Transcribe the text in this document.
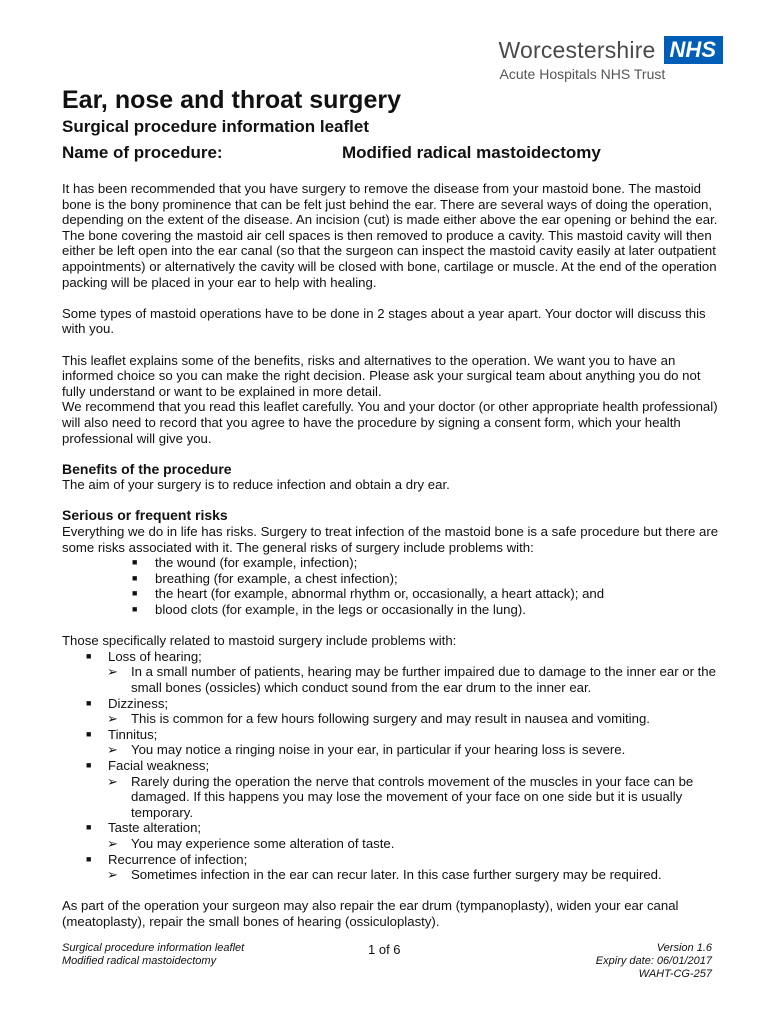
Worcestershire NHS
Acute Hospitals NHS Trust
Ear, nose and throat surgery
Surgical procedure information leaflet
Name of procedure:	Modified radical mastoidectomy

It has been recommended that you have surgery to remove the disease from your mastoid bone. The mastoid bone is the bony prominence that can be felt just behind the ear. There are several ways of doing the operation, depending on the extent of the disease. An incision (cut) is made either above the ear opening or behind the ear. The bone covering the mastoid air cell spaces is then removed to produce a cavity. This mastoid cavity will then either be left open into the ear canal (so that the surgeon can inspect the mastoid cavity easily at later outpatient appointments) or alternatively the cavity will be closed with bone, cartilage or muscle. At the end of the operation packing will be placed in your ear to help with healing.

Some types of mastoid operations have to be done in 2 stages about a year apart. Your doctor will discuss this with you.

This leaflet explains some of the benefits, risks and alternatives to the operation. We want you to have an informed choice so you can make the right decision. Please ask your surgical team about anything you do not fully understand or want to be explained in more detail.

We recommend that you read this leaflet carefully. You and your doctor (or other appropriate health professional) will also need to record that you agree to have the procedure by signing a consent form, which your health professional will give you.

Benefits of the procedure

The aim of your surgery is to reduce infection and obtain a dry ear.

Serious or frequent risks

Everything we do in life has risks. Surgery to treat infection of the mastoid bone is a safe procedure but there are some risks associated with it. The general risks of surgery include problems with:

■ the wound (for example, infection);
■ breathing (for example, a chest infection);
■ the heart (for example, abnormal rhythm or, occasionally, a heart attack); and
■ blood clots (for example, in the legs or occasionally in the lung).

Those specifically related to mastoid surgery include problems with:

■ Loss of hearing;
➢ In a small number of patients, hearing may be further impaired due to damage to the inner ear or the small bones (ossicles) which conduct sound from the ear drum to the inner ear.
■ Dizziness;
➢ This is common for a few hours following surgery and may result in nausea and vomiting.
■ Tinnitus;
➢ You may notice a ringing noise in your ear, in particular if your hearing loss is severe.
■ Facial weakness;
➢ Rarely during the operation the nerve that controls movement of the muscles in your face can be damaged. If this happens you may lose the movement of your face on one side but it is usually temporary.
■ Taste alteration;
➢ You may experience some alteration of taste.
■ Recurrence of infection;
➢ Sometimes infection in the ear can recur later. In this case further surgery may be required.

As part of the operation your surgeon may also repair the ear drum (tympanoplasty), widen your ear canal (meatoplasty), repair the small bones of hearing (ossiculoplasty).

Surgical procedure information leaflet
Modified radical mastoidectomy
1 of 6	Version 1.6
Expiry date: 06/01/2017
WAHT-CG-257
